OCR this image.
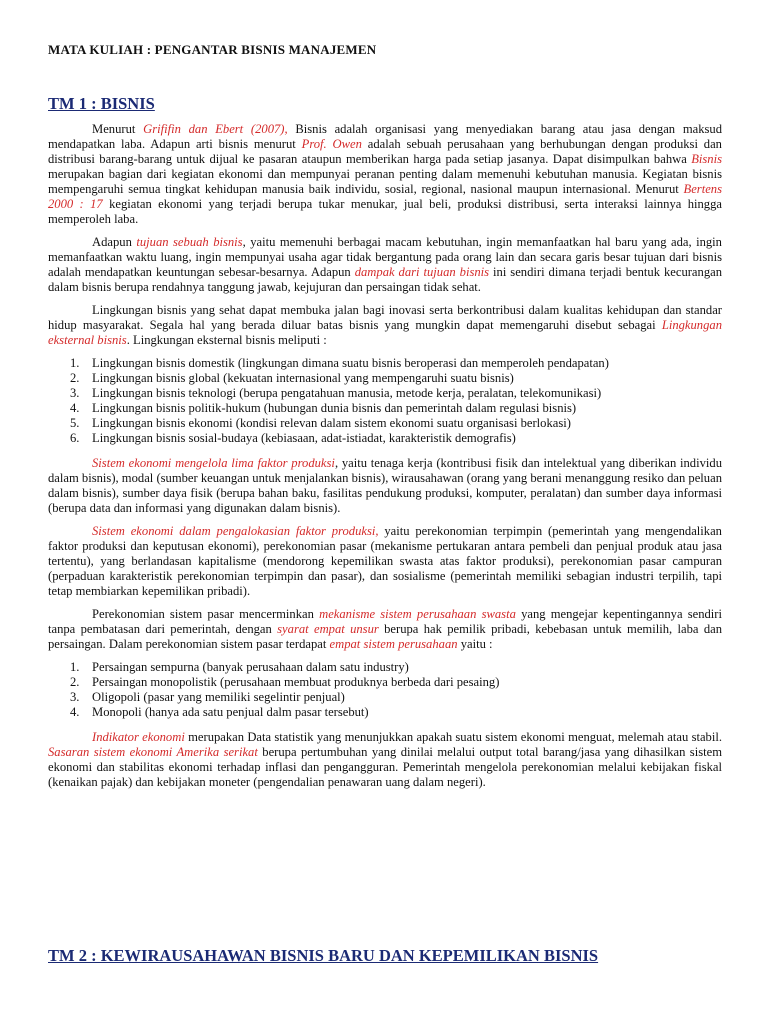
MATA KULIAH : PENGANTAR BISNIS MANAJEMEN

TM 1 : BISNIS

Menurut Grififin dan Ebert (2007), Bisnis adalah organisasi yang menyediakan barang atau jasa dengan maksud mendapatkan laba. Adapun arti bisnis menurut Prof. Owen adalah sebuah perusahaan yang berhubungan dengan produksi dan distribusi barang-barang untuk dijual ke pasaran ataupun memberikan harga pada setiap jasanya. Dapat disimpulkan bahwa Bisnis merupakan bagian dari kegiatan ekonomi dan mempunyai peranan penting dalam memenuhi kebutuhan manusia. Kegiatan bisnis mempengaruhi semua tingkat kehidupan manusia baik individu, sosial, regional, nasional maupun internasional. Menurut Bertens 2000 : 17 kegiatan ekonomi yang terjadi berupa tukar menukar, jual beli, produksi distribusi, serta interaksi lainnya hingga memperoleh laba.

Adapun tujuan sebuah bisnis, yaitu memenuhi berbagai macam kebutuhan, ingin memanfaatkan hal baru yang ada, ingin memanfaatkan waktu luang, ingin mempunyai usaha agar tidak bergantung pada orang lain dan secara garis besar tujuan dari bisnis adalah mendapatkan keuntungan sebesar-besarnya. Adapun dampak dari tujuan bisnis ini sendiri dimana terjadi bentuk kecurangan dalam bisnis berupa rendahnya tanggung jawab, kejujuran dan persaingan tidak sehat.

Lingkungan bisnis yang sehat dapat membuka jalan bagi inovasi serta berkontribusi dalam kualitas kehidupan dan standar hidup masyarakat. Segala hal yang berada diluar batas bisnis yang mungkin dapat memengaruhi disebut sebagai Lingkungan eksternal bisnis. Lingkungan eksternal bisnis meliputi :

1. Lingkungan bisnis domestik (lingkungan dimana suatu bisnis beroperasi dan memperoleh pendapatan)
2. Lingkungan bisnis global (kekuatan internasional yang mempengaruhi suatu bisnis)
3. Lingkungan bisnis teknologi (berupa pengatahuan manusia, metode kerja, peralatan, telekomunikasi)
4. Lingkungan bisnis politik-hukum (hubungan dunia bisnis dan pemerintah dalam regulasi bisnis)
5. Lingkungan bisnis ekonomi (kondisi relevan dalam sistem ekonomi suatu organisasi berlokasi)
6. Lingkungan bisnis sosial-budaya (kebiasaan, adat-istiadat, karakteristik demografis)

Sistem ekonomi mengelola lima faktor produksi, yaitu tenaga kerja (kontribusi fisik dan intelektual yang diberikan individu dalam bisnis), modal (sumber keuangan untuk menjalankan bisnis), wirausahawan (orang yang berani menanggung resiko dan peluan dalam bisnis), sumber daya fisik (berupa bahan baku, fasilitas pendukung produksi, komputer, peralatan) dan sumber daya informasi (berupa data dan informasi yang digunakan dalam bisnis).

Sistem ekonomi dalam pengalokasian faktor produksi, yaitu perekonomian terpimpin (pemerintah yang mengendalikan faktor produksi dan keputusan ekonomi), perekonomian pasar (mekanisme pertukaran antara pembeli dan penjual produk atau jasa tertentu), yang berlandasan kapitalisme (mendorong kepemilikan swasta atas faktor produksi), perekonomian pasar campuran (perpaduan karakteristik perekonomian terpimpin dan pasar), dan sosialisme (pemerintah memiliki sebagian industri terpilih, tapi tetap membiarkan kepemilikan pribadi).

Perekonomian sistem pasar mencerminkan mekanisme sistem perusahaan swasta yang mengejar kepentingannya sendiri tanpa pembatasan dari pemerintah, dengan syarat empat unsur berupa hak pemilik pribadi, kebebasan untuk memilih, laba dan persaingan. Dalam perekonomian sistem pasar terdapat empat sistem perusahaan yaitu :

1. Persaingan sempurna (banyak perusahaan dalam satu industry)
2. Persaingan monopolistik (perusahaan membuat produknya berbeda dari pesaing)
3. Oligopoli (pasar yang memiliki segelintir penjual)
4. Monopoli (hanya ada satu penjual dalm pasar tersebut)

Indikator ekonomi merupakan Data statistik yang menunjukkan apakah suatu sistem ekonomi menguat, melemah atau stabil. Sasaran sistem ekonomi Amerika serikat berupa pertumbuhan yang dinilai melalui output total barang/jasa yang dihasilkan sistem ekonomi dan stabilitas ekonomi terhadap inflasi dan pengangguran. Pemerintah mengelola perekonomian melalui kebijakan fiskal (kenaikan pajak) dan kebijakan moneter (pengendalian penawaran uang dalam negeri).

TM 2 : KEWIRAUSAHAWAN BISNIS BARU DAN KEPEMILIKAN BISNIS
